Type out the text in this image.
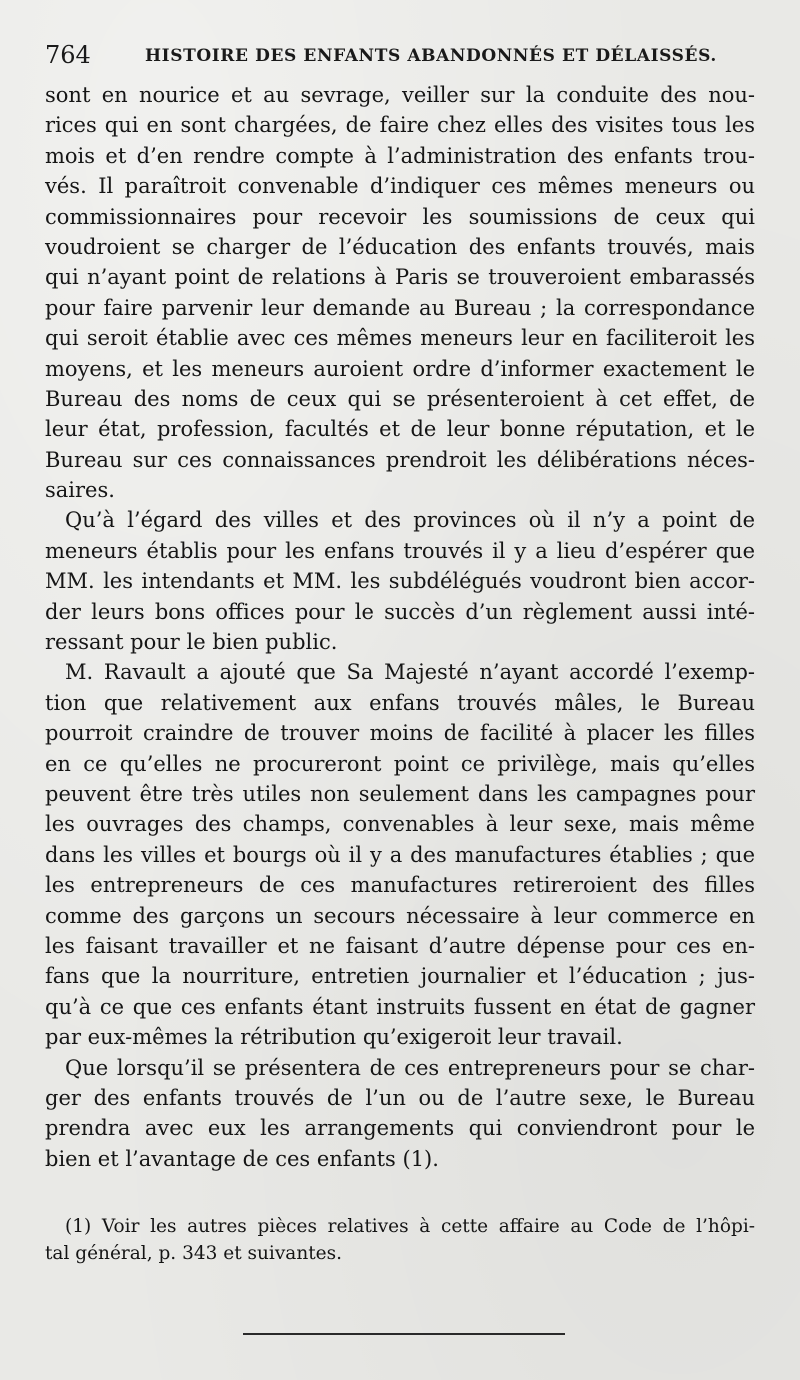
764	HISTOIRE DES ENFANTS ABANDONNÉS ET DÉLAISSÉS.
sont en nourice et au sevrage, veiller sur la conduite des nou-
rices qui en sont chargées, de faire chez elles des visites tous les
mois et d’en rendre compte à l’administration des enfants trou-
vés. Il paraîtroit convenable d’indiquer ces mêmes meneurs ou
commissionnaires pour recevoir les soumissions de ceux qui
voudroient se charger de l’éducation des enfants trouvés, mais
qui n’ayant point de relations à Paris se trouveroient embarassés
pour faire parvenir leur demande au Bureau ; la correspondance
qui seroit établie avec ces mêmes meneurs leur en faciliteroit les
moyens, et les meneurs auroient ordre d’informer exactement le
Bureau des noms de ceux qui se présenteroient à cet effet, de
leur état, profession, facultés et de leur bonne réputation, et le
Bureau sur ces connaissances prendroit les délibérations néces-
saires.
Qu’à l’égard des villes et des provinces où il n’y a point de
meneurs établis pour les enfans trouvés il y a lieu d’espérer que
MM. les intendants et MM. les subdélégués voudront bien accor-
der leurs bons offices pour le succès d’un règlement aussi inté-
ressant pour le bien public.
M. Ravault a ajouté que Sa Majesté n’ayant accordé l’exemp-
tion que relativement aux enfans trouvés mâles, le Bureau
pourroit craindre de trouver moins de facilité à placer les filles
en ce qu’elles ne procureront point ce privilège, mais qu’elles
peuvent être très utiles non seulement dans les campagnes pour
les ouvrages des champs, convenables à leur sexe, mais même
dans les villes et bourgs où il y a des manufactures établies ; que
les entrepreneurs de ces manufactures retireroient des filles
comme des garçons un secours nécessaire à leur commerce en
les faisant travailler et ne faisant d’autre dépense pour ces en-
fans que la nourriture, entretien journalier et l’éducation ; jus-
qu’à ce que ces enfants étant instruits fussent en état de gagner
par eux-mêmes la rétribution qu’exigeroit leur travail.
Que lorsqu’il se présentera de ces entrepreneurs pour se char-
ger des enfants trouvés de l’un ou de l’autre sexe, le Bureau
prendra avec eux les arrangements qui conviendront pour le
bien et l’avantage de ces enfants (1).
(1) Voir les autres pièces relatives à cette affaire au Code de l’hôpi-
tal général, p. 343 et suivantes.
